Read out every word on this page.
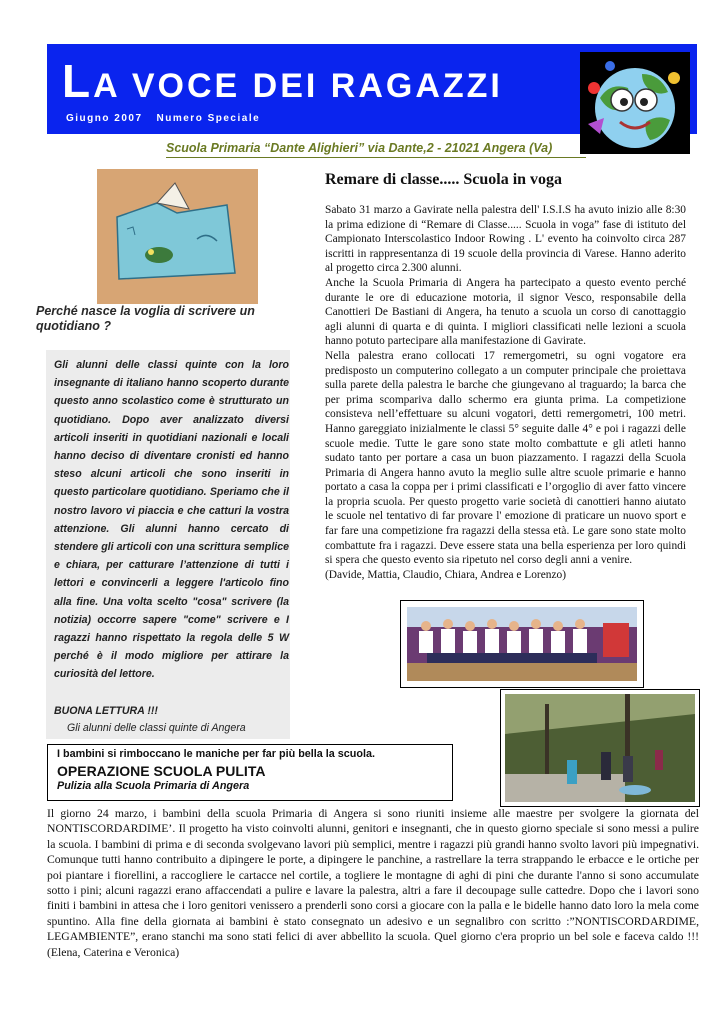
LA VOCE DEI RAGAZZI
Giugno 2007 Numero Speciale
Scuola Primaria “Dante Alighieri” via Dante,2 - 21021 Angera (Va)
Perché nasce la voglia di scrivere un quotidiano ?
Gli alunni delle classi quinte con la loro insegnante di italiano hanno scoperto durante questo anno scolastico come è strutturato un quotidiano. Dopo aver analizzato diversi articoli inseriti in quotidiani nazionali e locali hanno deciso di diventare cronisti ed hanno steso alcuni articoli che sono inseriti in questo particolare quotidiano. Speriamo che il nostro lavoro vi piaccia e che catturi la vostra attenzione. Gli alunni hanno cercato di stendere gli articoli con una scrittura semplice e chiara, per catturare l’attenzione di tutti i lettori e convincerli a leggere l'articolo fino alla fine. Una volta scelto "cosa" scrivere (la notizia) occorre sapere "come" scrivere e I ragazzi hanno rispettato la regola delle 5 W perché è il modo migliore per attirare la curiosità del lettore.
BUONA LETTURA !!!
Gli alunni delle classi quinte di Angera
Remare di classe..... Scuola in voga

Sabato 31 marzo a Gavirate nella palestra dell' I.S.I.S ha avuto inizio alle 8:30 la prima edizione di “Remare di Classe..... Scuola in voga” fase di istituto del Campionato Interscolastico Indoor Rowing . L' evento ha coinvolto circa 287 iscritti in rappresentanza di 19 scuole della provincia di Varese. Hanno aderito al progetto circa 2.300 alunni.

Anche la Scuola Primaria di Angera ha partecipato a questo evento perché durante le ore di educazione motoria, il signor Vesco, responsabile della Canottieri De Bastiani di Angera, ha tenuto a scuola un corso di canottaggio agli alunni di quarta e di quinta. I migliori classificati nelle lezioni a scuola hanno potuto partecipare alla manifestazione di Gavirate.

Nella palestra erano collocati 17 remergometri, su ogni vogatore era predisposto un computerino collegato a un computer principale che proiettava sulla parete della palestra le barche che giungevano al traguardo; la barca che per prima scompariva dallo schermo era giunta prima. La competizione consisteva nell’effettuare su alcuni vogatori, detti remergometri, 100 metri. Hanno gareggiato inizialmente le classi 5° seguite dalle 4° e poi i ragazzi delle scuole medie. Tutte le gare sono state molto combattute e gli atleti hanno sudato tanto per portare a casa un buon piazzamento. I ragazzi della Scuola Primaria di Angera hanno avuto la meglio sulle altre scuole primarie e hanno portato a casa la coppa per i primi classificati e l’orgoglio di aver fatto vincere la propria scuola. Per questo progetto varie società di canottieri hanno aiutato le scuole nel tentativo di far provare l' emozione di praticare un nuovo sport e far fare una competizione fra ragazzi della stessa età. Le gare sono state molto combattute fra i ragazzi. Deve essere stata una bella esperienza per loro quindi si spera che questo evento sia ripetuto nel corso degli anni a venire.

(Davide, Mattia, Claudio, Chiara, Andrea e Lorenzo)

I bambini si rimboccano le maniche per far più bella la scuola.
OPERAZIONE SCUOLA PULITA
Pulizia alla Scuola Primaria di Angera
Il giorno 24 marzo, i bambini della scuola Primaria di Angera si sono riuniti insieme alle maestre per svolgere la giornata del NONTISCORDARDIME’. Il progetto ha visto coinvolti alunni, genitori e insegnanti, che in questo giorno speciale si sono messi a pulire la scuola. I bambini di prima e di seconda svolgevano lavori più semplici, mentre i ragazzi più grandi hanno svolto lavori più impegnativi. Comunque tutti hanno contribuito a dipingere le porte, a dipingere le panchine, a rastrellare la terra strappando le erbacce e le ortiche per poi piantare i fiorellini, a raccogliere le cartacce nel cortile, a togliere le montagne di aghi di pini che durante l'anno si sono accumulate sotto i pini; alcuni ragazzi erano affaccendati a pulire e lavare la palestra, altri a fare il decoupage sulle cattedre. Dopo che i lavori sono finiti i bambini in attesa che i loro genitori venissero a prenderli sono corsi a giocare con la palla e le bidelle hanno dato loro la mela come spuntino. Alla fine della giornata ai bambini è stato consegnato un adesivo e un segnalibro con scritto :”NONTISCORDARDIME, LEGAMBIENTE”, erano stanchi ma sono stati felici di aver abbellito la scuola. Quel giorno c'era proprio un bel sole e faceva caldo !!! (Elena, Caterina e Veronica)
